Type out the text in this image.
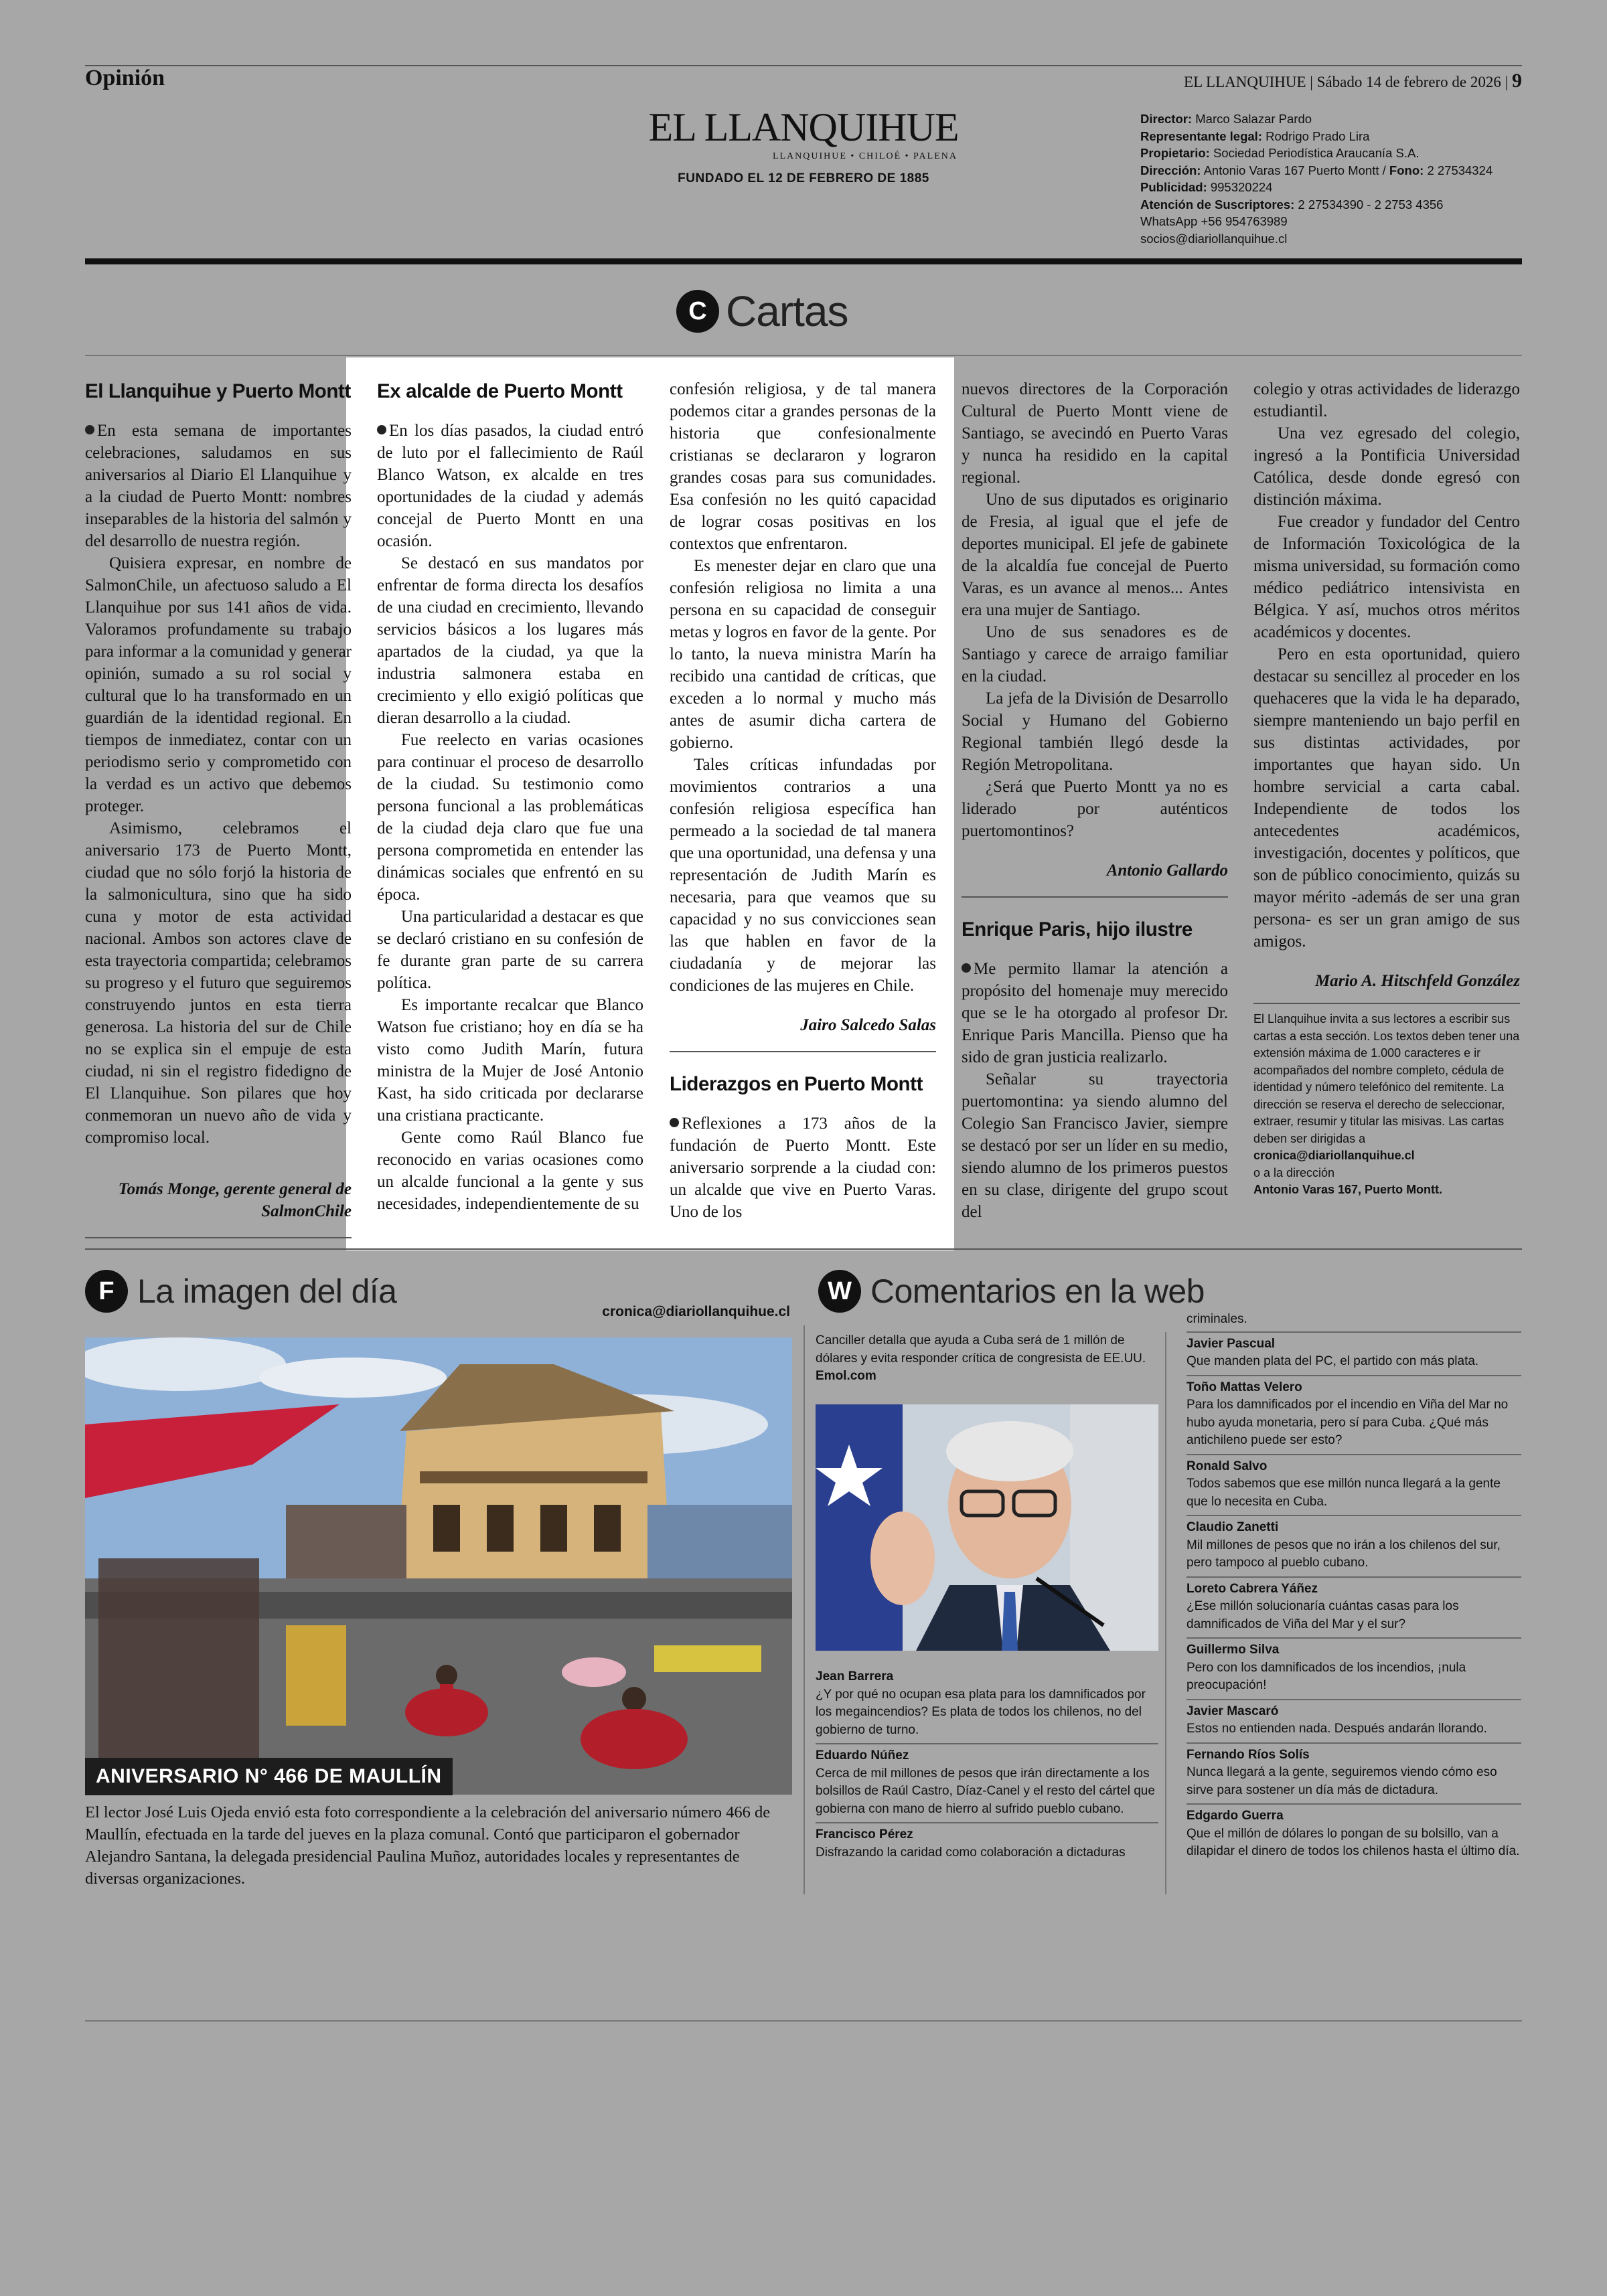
Opinión	EL LLANQUIHUE | Sábado 14 de febrero de 2026 | 9
EL LLANQUIHUE
LLANQUIHUE • CHILOÉ • PALENA
FUNDADO EL 12 DE FEBRERO DE 1885
Director: Marco Salazar Pardo
Representante legal: Rodrigo Prado Lira
Propietario: Sociedad Periodística Araucanía S.A.
Dirección: Antonio Varas 167 Puerto Montt / Fono: 2 27534324
Publicidad: 995320224
Atención de Suscriptores: 2 27534390 - 2 2753 4356
WhatsApp +56 954763989
socios@diariollanquihue.cl
C Cartas
El Llanquihue y Puerto Montt

En esta semana de importantes celebraciones, saludamos en sus aniversarios al Diario El Llanquihue y a la ciudad de Puerto Montt: nombres inseparables de la historia del salmón y del desarrollo de nuestra región.

Quisiera expresar, en nombre de SalmonChile, un afectuoso saludo a El Llanquihue por sus 141 años de vida. Valoramos profundamente su trabajo para informar a la comunidad y generar opinión, sumado a su rol social y cultural que lo ha transformado en un guardián de la identidad regional. En tiempos de inmediatez, contar con un periodismo serio y comprometido con la verdad es un activo que debemos proteger.

Asimismo, celebramos el aniversario 173 de Puerto Montt, ciudad que no sólo forjó la historia de la salmonicultura, sino que ha sido cuna y motor de esta actividad nacional. Ambos son actores clave de esta trayectoria compartida; celebramos su progreso y el futuro que seguiremos construyendo juntos en esta tierra generosa. La historia del sur de Chile no se explica sin el empuje de esta ciudad, ni sin el registro fidedigno de El Llanquihue. Son pilares que hoy conmemoran un nuevo año de vida y compromiso local.

Tomás Monge, gerente general de SalmonChile

Ex alcalde de Puerto Montt

En los días pasados, la ciudad entró de luto por el fallecimiento de Raúl Blanco Watson, ex alcalde en tres oportunidades de la ciudad y además concejal de Puerto Montt en una ocasión.

Se destacó en sus mandatos por enfrentar de forma directa los desafíos de una ciudad en crecimiento, llevando servicios básicos a los lugares más apartados de la ciudad, ya que la industria salmonera estaba en crecimiento y ello exigió políticas que dieran desarrollo a la ciudad.

Fue reelecto en varias ocasiones para continuar el proceso de desarrollo de la ciudad. Su testimonio como persona funcional a las problemáticas de la ciudad deja claro que fue una persona comprometida en entender las dinámicas sociales que enfrentó en su época.

Una particularidad a destacar es que se declaró cristiano en su confesión de fe durante gran parte de su carrera política.

Es importante recalcar que Blanco Watson fue cristiano; hoy en día se ha visto como Judith Marín, futura ministra de la Mujer de José Antonio Kast, ha sido criticada por declararse una cristiana practicante.

Gente como Raúl Blanco fue reconocido en varias ocasiones como un alcalde funcional a la gente y sus necesidades, independientemente de su

confesión religiosa, y de tal manera podemos citar a grandes personas de la historia que confesionalmente cristianas se declararon y lograron grandes cosas para sus comunidades. Esa confesión no les quitó capacidad de lograr cosas positivas en los contextos que enfrentaron.

Es menester dejar en claro que una confesión religiosa no limita a una persona en su capacidad de conseguir metas y logros en favor de la gente. Por lo tanto, la nueva ministra Marín ha recibido una cantidad de críticas, que exceden a lo normal y mucho más antes de asumir dicha cartera de gobierno.

Tales críticas infundadas por movimientos contrarios a una confesión religiosa específica han permeado a la sociedad de tal manera que una oportunidad, una defensa y una representación de Judith Marín es necesaria, para que veamos que su capacidad y no sus convicciones sean las que hablen en favor de la ciudadanía y de mejorar las condiciones de las mujeres en Chile.

Jairo Salcedo Salas

Liderazgos en Puerto Montt

Reflexiones a 173 años de la fundación de Puerto Montt. Este aniversario sorprende a la ciudad con: un alcalde que vive en Puerto Varas. Uno de los

nuevos directores de la Corporación Cultural de Puerto Montt viene de Santiago, se avecindó en Puerto Varas y nunca ha residido en la capital regional.

Uno de sus diputados es originario de Fresia, al igual que el jefe de deportes municipal. El jefe de gabinete de la alcaldía fue concejal de Puerto Varas, es un avance al menos... Antes era una mujer de Santiago.

Uno de sus senadores es de Santiago y carece de arraigo familiar en la ciudad.

La jefa de la División de Desarrollo Social y Humano del Gobierno Regional también llegó desde la Región Metropolitana.

¿Será que Puerto Montt ya no es liderado por auténticos puertomontinos?

Antonio Gallardo

Enrique Paris, hijo ilustre

Me permito llamar la atención a propósito del homenaje muy merecido que se le ha otorgado al profesor Dr. Enrique Paris Mancilla. Pienso que ha sido de gran justicia realizarlo.

Señalar su trayectoria puertomontina: ya siendo alumno del Colegio San Francisco Javier, siempre se destacó por ser un líder en su medio, siendo alumno de los primeros puestos en su clase, dirigente del grupo scout del

colegio y otras actividades de liderazgo estudiantil.

Una vez egresado del colegio, ingresó a la Pontificia Universidad Católica, desde donde egresó con distinción máxima.

Fue creador y fundador del Centro de Información Toxicológica de la misma universidad, su formación como médico pediátrico intensivista en Bélgica. Y así, muchos otros méritos académicos y docentes.

Pero en esta oportunidad, quiero destacar su sencillez al proceder en los quehaceres que la vida le ha deparado, siempre manteniendo un bajo perfil en sus distintas actividades, por importantes que hayan sido. Un hombre servicial a carta cabal. Independiente de todos los antecedentes académicos, investigación, docentes y políticos, que son de público conocimiento, quizás su mayor mérito -además de ser una gran persona- es ser un gran amigo de sus amigos.

Mario A. Hitschfeld González

El Llanquihue invita a sus lectores a escribir sus cartas a esta sección. Los textos deben tener una extensión máxima de 1.000 caracteres e ir acompañados del nombre completo, cédula de identidad y número telefónico del remitente. La dirección se reserva el derecho de seleccionar, extraer, resumir y titular las misivas. Las cartas deben ser dirigidas a
cronica@diariollanquihue.cl
o a la dirección
Antonio Varas 167, Puerto Montt.
F La imagen del día
cronica@diariollanquihue.cl
ANIVERSARIO N° 466 DE MAULLÍN
El lector José Luis Ojeda envió esta foto correspondiente a la celebración del aniversario número 466 de Maullín, efectuada en la tarde del jueves en la plaza comunal. Contó que participaron el gobernador Alejandro Santana, la delegada presidencial Paulina Muñoz, autoridades locales y representantes de diversas organizaciones.
W Comentarios en la web
Canciller detalla que ayuda a Cuba será de 1 millón de dólares y evita responder crítica de congresista de EE.UU. Emol.com
Jean Barrera
¿Y por qué no ocupan esa plata para los damnificados por los megaincendios? Es plata de todos los chilenos, no del gobierno de turno.
Eduardo Núñez
Cerca de mil millones de pesos que irán directamente a los bolsillos de Raúl Castro, Díaz-Canel y el resto del cártel que gobierna con mano de hierro al sufrido pueblo cubano.
Francisco Pérez
Disfrazando la caridad como colaboración a dictaduras
criminales.
Javier Pascual
Que manden plata del PC, el partido con más plata.
Toño Mattas Velero
Para los damnificados por el incendio en Viña del Mar no hubo ayuda monetaria, pero sí para Cuba. ¿Qué más antichileno puede ser esto?
Ronald Salvo
Todos sabemos que ese millón nunca llegará a la gente que lo necesita en Cuba.
Claudio Zanetti
Mil millones de pesos que no irán a los chilenos del sur, pero tampoco al pueblo cubano.
Loreto Cabrera Yáñez
¿Ese millón solucionaría cuántas casas para los damnificados de Viña del Mar y el sur?
Guillermo Silva
Pero con los damnificados de los incendios, ¡nula preocupación!
Javier Mascaró
Estos no entienden nada. Después andarán llorando.
Fernando Ríos Solís
Nunca llegará a la gente, seguiremos viendo cómo eso sirve para sostener un día más de dictadura.
Edgardo Guerra
Que el millón de dólares lo pongan de su bolsillo, van a dilapidar el dinero de todos los chilenos hasta el último día.
